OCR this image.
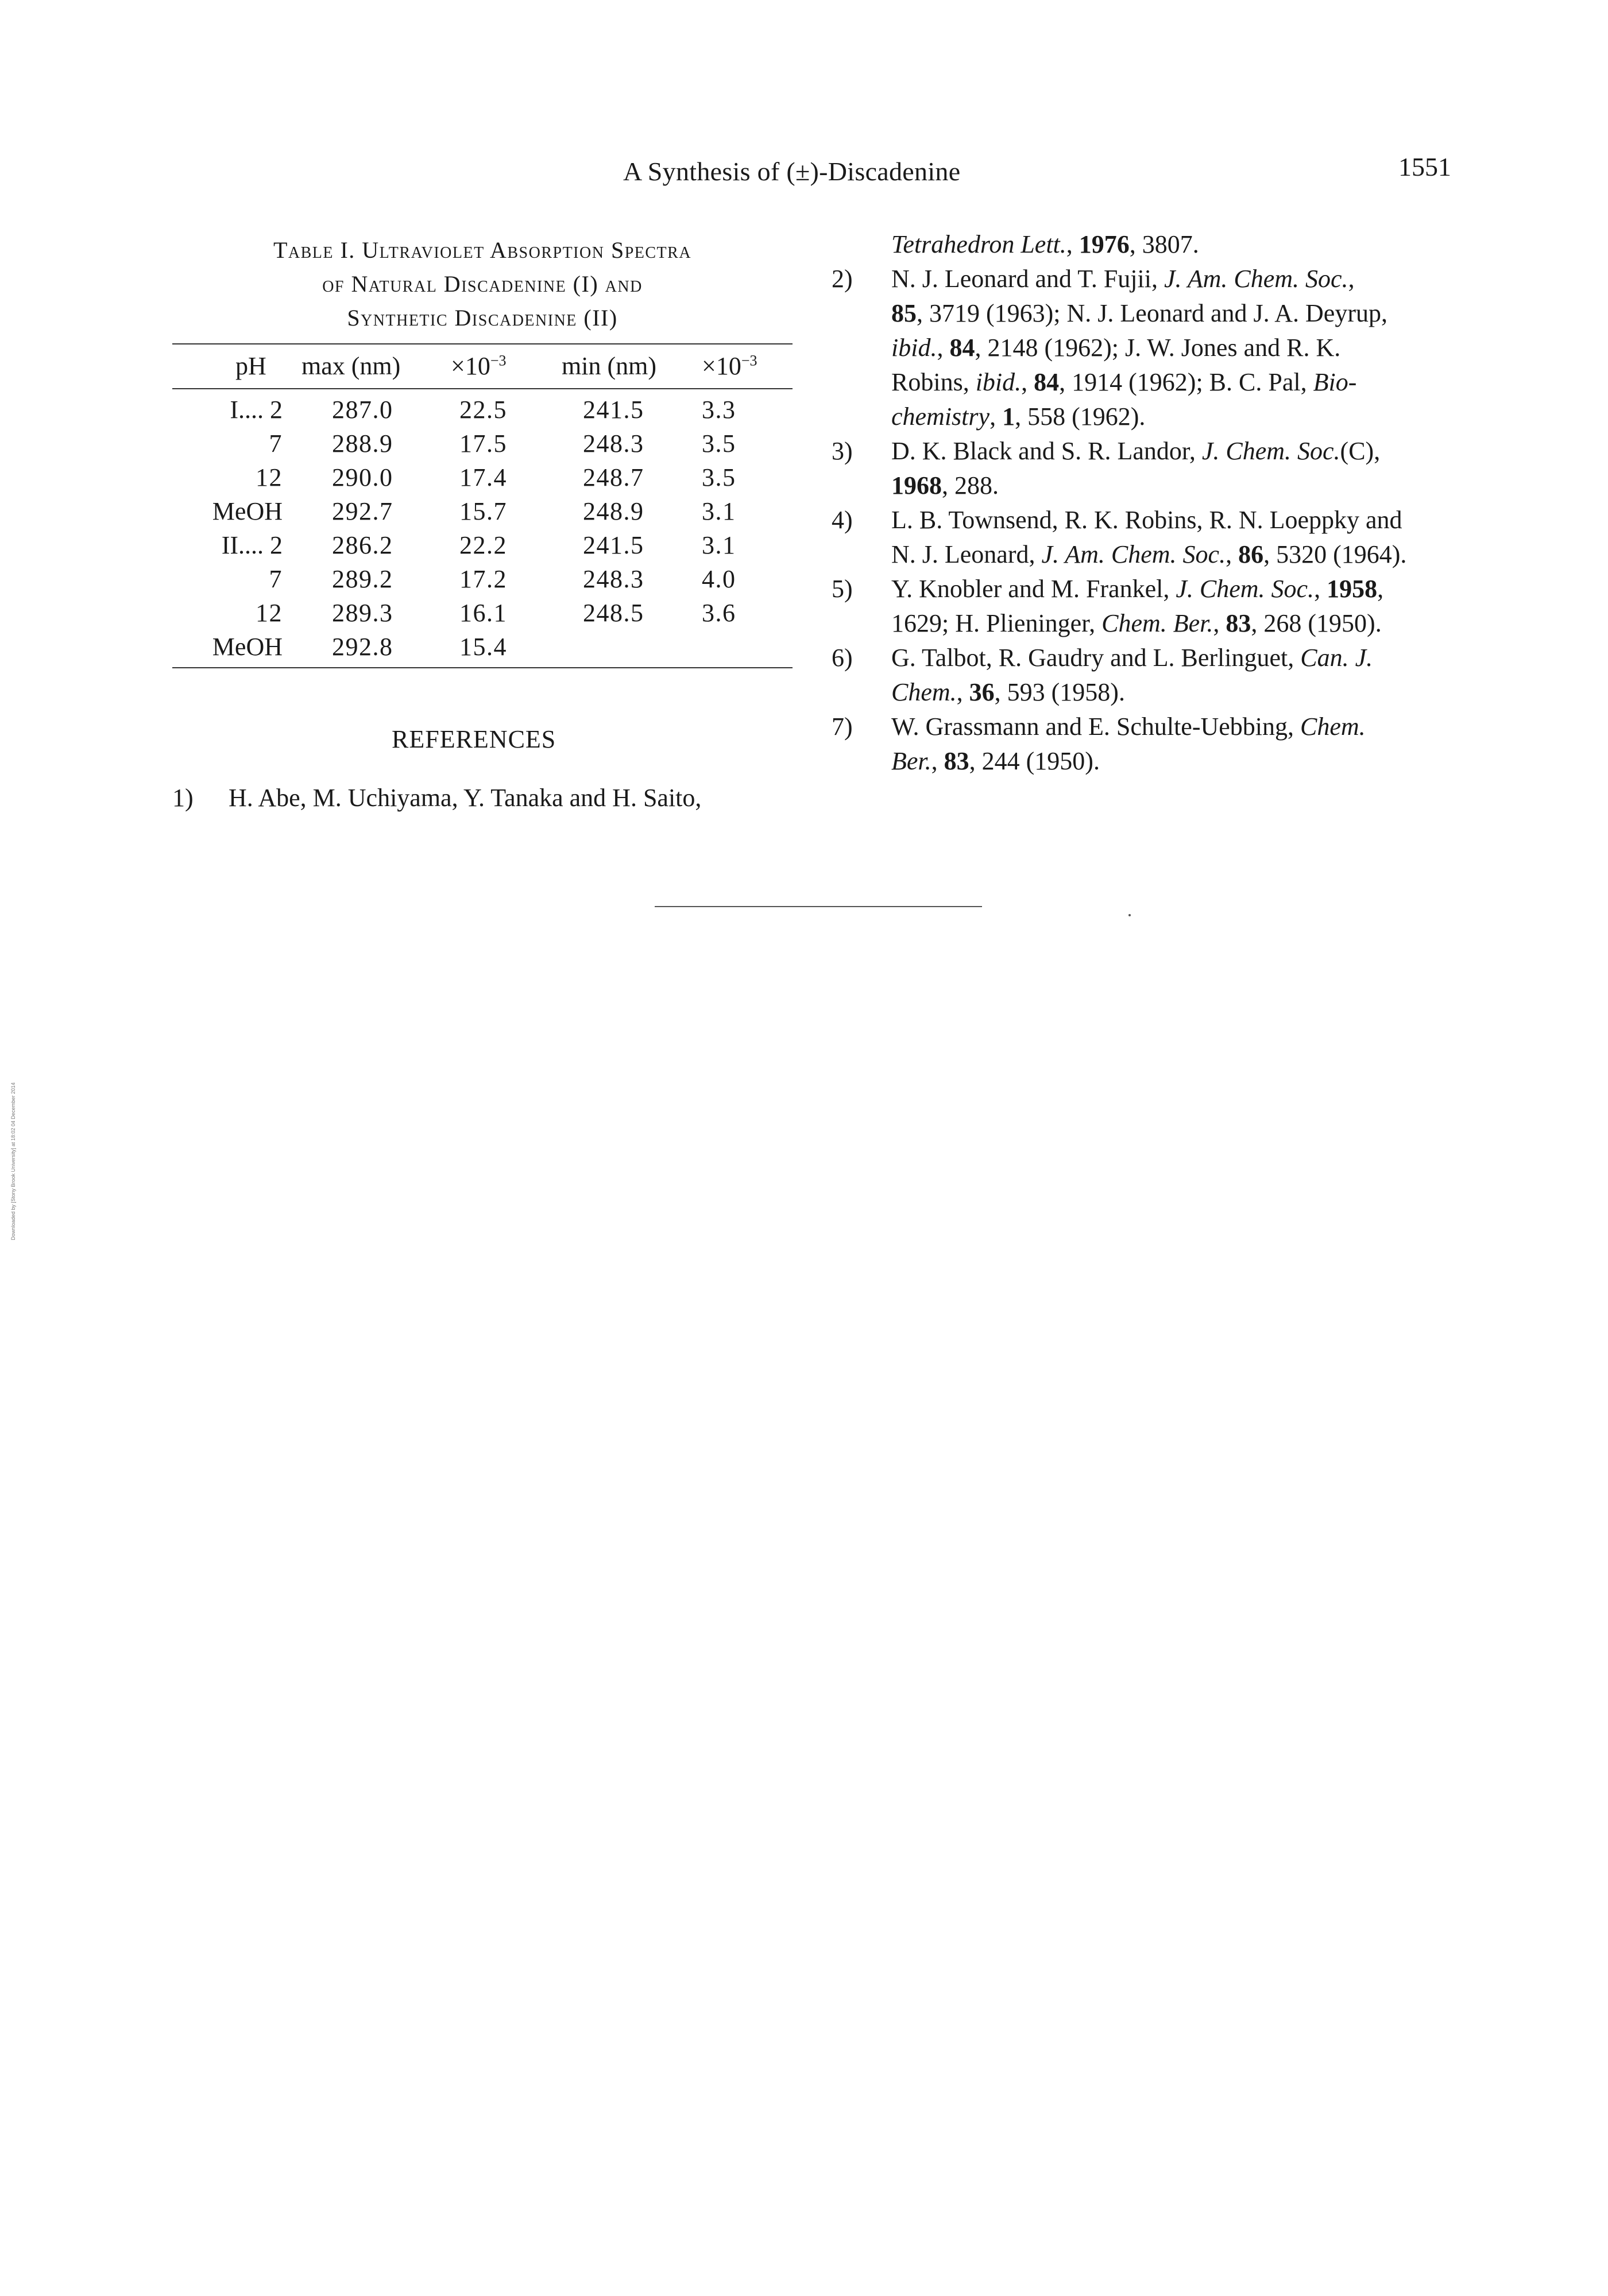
A Synthesis of (±)-Discadenine	1551
Table I. Ultraviolet Absorption Spectra
of Natural Discadenine (I) and
Synthetic Discadenine (II)
pH $\max (nm) \times 10^{-3}$ $\min (nm) \times 10^{-3}$
I.... 2 287.0	22.5	241.5 3.3
7 288.9	17.5	248.3 3.5
12 290.0	17.4	248.7 3.5
MeOH 292.7	15.7	248.9 3.1
II.... 2 286.2	22.2	241.5 3.1
7 289.2	17.2	248.3 4.0
12 289.3	16.1	248.5 3.6
MeOH 292.8	15.4
REFERENCES
1) H. Abe, M. Uchiyama, Y. Tanaka and H. Saito,
Tetrahedron Lett., 1976, 3807.
2) N. J. Leonard and T. Fujii, J. Am. Chem. Soc.,
85, 3719 (1963); N. J. Leonard and J. A. Deyrup,
ibid., 84, 2148 (1962); J. W. Jones and R. K.
Robins, ibid., 84, 1914 (1962); B. C. Pal, Bio-
chemistry, 1, 558 (1962).
3) D. K. Black and S. R. Landor, J. Chem. Soc.(C),
1968, 288.
4) L. B. Townsend, R. K. Robins, R. N. Loeppky and
N. J. Leonard, J. Am. Chem. Soc., 86, 5320 (1964).
5) Y. Knobler and M. Frankel, J. Chem. Soc., 1958,
1629; H. Plieninger, Chem. Ber., 83, 268 (1950).
6) G. Talbot, R. Gaudry and L. Berlinguet, Can. J.
Chem., 36, 593 (1958).
7) W. Grassmann and E. Schulte-Uebbing, Chem.
Ber., 83, 244 (1950).
Downloaded by [Stony Brook University] at 18:02 04 December 2014
